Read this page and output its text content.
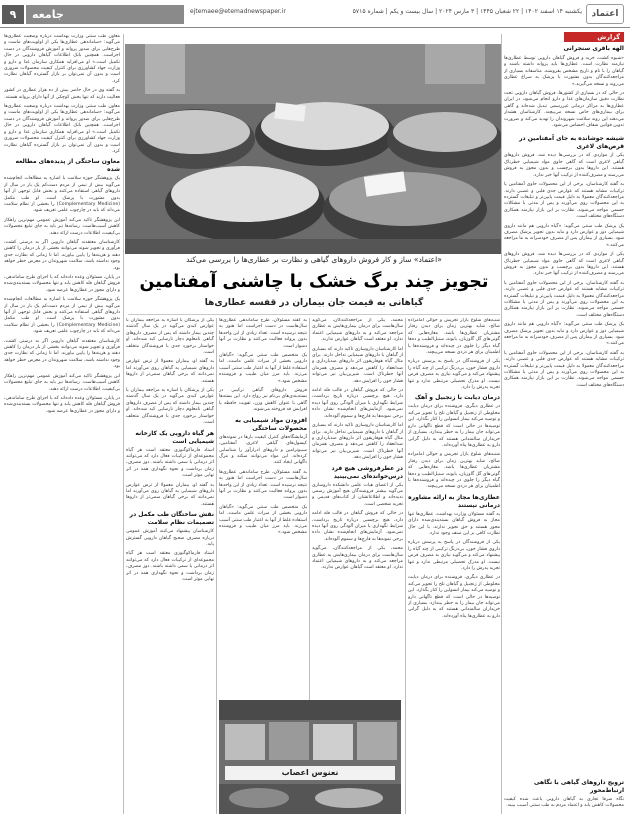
۹	جامعه	ejtemaee@etemadnewspaper.ir	یکشنبه ۱۴ اسفند ۱۴۰۲ | ۲۲ شعبان ۱۴۴۵ | ۳ مارس ۲۰۲۴ | سال بیست و یکم | شماره ۵۷۱۵	اعتماد
گزارش
الهه باقری سنجرانی

«شیوه کشت، خرید و فروش گیاهان دارویی توسط عطاری‌ها نیازمند نظارت است. عطاری‌ها باید پروانه داشته باشند و گیاهان را با نام و تاریخ مشخص بفروشند. متاسفانه بسیاری از مراجعه‌کنندگان بدون مشورت با پزشک به سراغ عطاری می‌روند و نسخه می‌گیرند.»

در حالی که در بسیاری از کشورها، فروش گیاهان دارویی تحت نظارت دقیق سازمان‌های غذا و دارو انجام می‌شود، در ایران عطاری‌ها به مراکز درمانی غیررسمی تبدیل شده‌اند و گاهی برای بیماری‌های خاص نسخه می‌پیچند. کارشناسان هشدار می‌دهند این روند سلامت شهروندان را تهدید می‌کند و ضرورت تدوین قوانین شفاف احساس می‌شود.

شیشه جوشانده به جای آمفتامین در قرص‌های لاغری

یکی از مواردی که در بررسی‌ها دیده شد، فروش داروهای گیاهی لاغری است که گاهی حاوی مواد شیمیایی خطرناک هستند. این داروها بدون برچسب و بدون مجوز به فروش می‌رسند و مصرف‌کننده از ترکیب آنها خبر ندارد.

به گفته کارشناسان، برخی از این محصولات حاوی آمفتامین یا ترکیبات مشابه هستند که عوارض جدی قلبی و عصبی دارند. مراجعه‌کنندگان معمولا به دلیل قیمت پایین‌تر و تبلیغات گسترده به این محصولات روی می‌آورند و پس از مدتی با مشکلات جسمی مواجه می‌شوند. نظارت بر این بازار نیازمند همکاری دستگاه‌های مختلف است.

یک پزشک طب سنتی می‌گوید: «گیاه دارویی هم مانند داروی شیمیایی دوز و عوارض دارد و نباید بدون تجویز پزشک مصرف شود. بسیاری از بیماران پس از مصرف خودسرانه به ما مراجعه می‌کنند.»

یکی از مواردی که در بررسی‌ها دیده شد، فروش داروهای گیاهی لاغری است که گاهی حاوی مواد شیمیایی خطرناک هستند. این داروها بدون برچسب و بدون مجوز به فروش می‌رسند و مصرف‌کننده از ترکیب آنها خبر ندارد.

به گفته کارشناسان، برخی از این محصولات حاوی آمفتامین یا ترکیبات مشابه هستند که عوارض جدی قلبی و عصبی دارند. مراجعه‌کنندگان معمولا به دلیل قیمت پایین‌تر و تبلیغات گسترده به این محصولات روی می‌آورند و پس از مدتی با مشکلات جسمی مواجه می‌شوند. نظارت بر این بازار نیازمند همکاری دستگاه‌های مختلف است.

یک پزشک طب سنتی می‌گوید: «گیاه دارویی هم مانند داروی شیمیایی دوز و عوارض دارد و نباید بدون تجویز پزشک مصرف شود. بسیاری از بیماران پس از مصرف خودسرانه به ما مراجعه می‌کنند.»

به گفته کارشناسان، برخی از این محصولات حاوی آمفتامین یا ترکیبات مشابه هستند که عوارض جدی قلبی و عصبی دارند. مراجعه‌کنندگان معمولا به دلیل قیمت پایین‌تر و تبلیغات گسترده به این محصولات روی می‌آورند و پس از مدتی با مشکلات جسمی مواجه می‌شوند. نظارت بر این بازار نیازمند همکاری دستگاه‌های مختلف است.

ترویج داروهای گیاهی با نگاهی ارتباط‌محور

نگاه صرفا تجاری به گیاهان دارویی باعث شده کیفیت محصولات کاهش یابد و اعتماد مردم به طب سنتی آسیب ببیند.

«اعتماد» ساز و کار فروش داروهای گیاهی و نظارت بر عطاری‌ها را بررسی می‌کند
تجویز چند برگ خشک با چاشنی آمفتامین
گیاهانی به قیمت جان بیماران در قفسه عطاری‌ها

شنبه‌های شلوغ بازار تجریش و حوالی امامزاده صالح، شاید بهترین زمان برای دیدن رفتار مشتریان عطاری‌ها باشد. مغازه‌هایی که گونی‌های گل گاوزبان، بابونه، سنبل‌الطیب و ده‌ها گیاه دیگر را جلوی در چیده‌اند و فروشنده‌ها با اطمینان برای هر دردی نسخه می‌پیچند.

یکی از فروشندگان در پاسخ به پرسش درباره داروی فشار خون، بی‌درنگ ترکیبی از چند گیاه را پیشنهاد می‌کند و می‌گوید نیازی به مصرف قرص نیست. او مدرک تحصیلی مرتبطی ندارد و تنها تجربه پدرش را دارد.

درمان دیابت با زنجبیل و آهک

در عطاری دیگری، فروشنده برای درمان دیابت مخلوطی از زنجبیل و گیاهان تلخ را تجویز می‌کند و توصیه می‌کند بیمار انسولین را کنار بگذارد. این توصیه‌ها در حالی است که قطع ناگهانی دارو می‌تواند جان بیمار را به خطر بیندازد. بسیاری از خریداران سالمندانی هستند که به دلیل گرانی دارو به عطاری‌ها پناه آورده‌اند.

شنبه‌های شلوغ بازار تجریش و حوالی امامزاده صالح، شاید بهترین زمان برای دیدن رفتار مشتریان عطاری‌ها باشد. مغازه‌هایی که گونی‌های گل گاوزبان، بابونه، سنبل‌الطیب و ده‌ها گیاه دیگر را جلوی در چیده‌اند و فروشنده‌ها با اطمینان برای هر دردی نسخه می‌پیچند.

عطاری‌ها مجاز به ارائه مشاوره درمانی نیستند

به گفته مسئولان وزارت بهداشت، عطاری‌ها تنها مجاز به فروش گیاهان بسته‌بندی‌شده دارای مجوز هستند و حق تجویز ندارند. با این حال نظارت کافی بر این صنف وجود ندارد.

یکی از فروشندگان در پاسخ به پرسش درباره داروی فشار خون، بی‌درنگ ترکیبی از چند گیاه را پیشنهاد می‌کند و می‌گوید نیازی به مصرف قرص نیست. او مدرک تحصیلی مرتبطی ندارد و تنها تجربه پدرش را دارد.

در عطاری دیگری، فروشنده برای درمان دیابت مخلوطی از زنجبیل و گیاهان تلخ را تجویز می‌کند و توصیه می‌کند بیمار انسولین را کنار بگذارد. این توصیه‌ها در حالی است که قطع ناگهانی دارو می‌تواند جان بیمار را به خطر بیندازد. بسیاری از خریداران سالمندانی هستند که به دلیل گرانی دارو به عطاری‌ها پناه آورده‌اند.

محمد، یکی از مراجعه‌کنندگان، می‌گوید سال‌هاست برای درمان بیماری‌هایش به عطاری مراجعه می‌کند و به داروهای شیمیایی اعتماد ندارد. او معتقد است گیاهان عوارض ندارند.

اما کارشناسان داروسازی تاکید دارند که بسیاری از گیاهان با داروهای شیمیایی تداخل دارند. برای مثال گیاه هوفاریقون اثر داروهای ضدبارداری و ضدانعقاد را کاهش می‌دهد و مصرف همزمان آنها خطرناک است. شیرین‌بیان نیز می‌تواند فشار خون را افزایش دهد.

در حالی که فروش گیاهان در قالب فله ادامه دارد، هیچ برچسبی درباره تاریخ برداشت، شرایط نگهداری یا میزان آلودگی روی آنها دیده نمی‌شود. آزمایش‌های انجام‌شده نشان داده برخی نمونه‌ها به قارچ‌ها و سموم آلوده‌اند.

اما کارشناسان داروسازی تاکید دارند که بسیاری از گیاهان با داروهای شیمیایی تداخل دارند. برای مثال گیاه هوفاریقون اثر داروهای ضدبارداری و ضدانعقاد را کاهش می‌دهد و مصرف همزمان آنها خطرناک است. شیرین‌بیان نیز می‌تواند فشار خون را افزایش دهد.

در عطرفروشی هیچ فرد درس‌خوانده‌ای نمی‌بینید

یکی از اعضای هیات علمی دانشکده داروسازی می‌گوید بیشتر فروشندگان هیچ آموزش رسمی ندیده‌اند و اطلاعاتشان از کتاب‌های قدیمی و تجربه شخصی است.

در حالی که فروش گیاهان در قالب فله ادامه دارد، هیچ برچسبی درباره تاریخ برداشت، شرایط نگهداری یا میزان آلودگی روی آنها دیده نمی‌شود. آزمایش‌های انجام‌شده نشان داده برخی نمونه‌ها به قارچ‌ها و سموم آلوده‌اند.

محمد، یکی از مراجعه‌کنندگان، می‌گوید سال‌هاست برای درمان بیماری‌هایش به عطاری مراجعه می‌کند و به داروهای شیمیایی اعتماد ندارد. او معتقد است گیاهان عوارض ندارند.

به گفته مسئولان، طرح ساماندهی عطاری‌ها سال‌هاست در دست اجراست اما هنوز به نتیجه نرسیده است. تعداد زیادی از این واحدها بدون پروانه فعالیت می‌کنند و نظارت بر آنها دشوار است.

یک متخصص طب سنتی می‌گوید: «گیاهان دارویی بخشی از میراث علمی ماست، اما استفاده غلط از آنها به اعتبار طب سنتی آسیب می‌زند. باید مرز میان طبیب و فروشنده مشخص شود.»

فروش داروهای گیاهی ترکیبی در بسته‌بندی‌های بی‌نام نیز رواج دارد. این بسته‌ها گاهی با عنوان کاهش وزن، تقویت حافظه یا افزایش قد فروخته می‌شوند.

افزودن مواد شیمیایی به محصولات ساختگی

آزمایشگاه‌های کنترل کیفیت بارها در نمونه‌های کپسول‌های گیاهی لاغری، آمفتامین، سیبوترامین و داروهای ادرارآور را شناسایی کرده‌اند. این مواد می‌توانند سکته و مرگ ناگهانی ایجاد کنند.

به گفته مسئولان، طرح ساماندهی عطاری‌ها سال‌هاست در دست اجراست اما هنوز به نتیجه نرسیده است. تعداد زیادی از این واحدها بدون پروانه فعالیت می‌کنند و نظارت بر آنها دشوار است.

یک متخصص طب سنتی می‌گوید: «گیاهان دارویی بخشی از میراث علمی ماست، اما استفاده غلط از آنها به اعتبار طب سنتی آسیب می‌زند. باید مرز میان طبیب و فروشنده مشخص شود.»

یکی از پزشکان با اشاره به مراجعه بیماران با عوارض کبدی می‌گوید در یک سال گذشته چندین بیمار داشته که پس از مصرف داروهای گیاهی نامعلوم دچار نارسایی کبد شده‌اند. او خواستار برخورد جدی با فروشندگان متخلف است.

به گفته او، بیماران معمولا از ترس عوارض داروهای شیمیایی به گیاهان روی می‌آورند اما نمی‌دانند که برخی گیاهان سمی‌تر از داروها هستند.

یکی از پزشکان با اشاره به مراجعه بیماران با عوارض کبدی می‌گوید در یک سال گذشته چندین بیمار داشته که پس از مصرف داروهای گیاهی نامعلوم دچار نارسایی کبد شده‌اند. او خواستار برخورد جدی با فروشندگان متخلف است.

هر گیاه دارویی یک کارخانه شیمیایی است

استاد فارماکوگنوزی معتقد است هر گیاه مجموعه‌ای از ترکیبات فعال دارد که می‌توانند اثر درمانی یا سمی داشته باشند. دوز مصرف، زمان برداشت و نحوه نگهداری همه در اثر نهایی موثر است.

به گفته او، بیماران معمولا از ترس عوارض داروهای شیمیایی به گیاهان روی می‌آورند اما نمی‌دانند که برخی گیاهان سمی‌تر از داروها هستند.

نقش ساختگان طب مکمل در تصمیمات نظام سلامت

کارشناسان پیشنهاد می‌کنند آموزش عمومی درباره مصرف صحیح گیاهان دارویی گسترش یابد.

استاد فارماکوگنوزی معتقد است هر گیاه مجموعه‌ای از ترکیبات فعال دارد که می‌توانند اثر درمانی یا سمی داشته باشند. دوز مصرف، زمان برداشت و نحوه نگهداری همه در اثر نهایی موثر است.

نعنوس اعصاب

معاون طب سنتی وزارت بهداشت درباره وضعیت عطاری‌ها می‌گوید: «ساماندهی عطاری‌ها یکی از اولویت‌های ماست و طرح‌هایی برای صدور پروانه و آموزش فروشندگان در دست اجراست. همچنین بانک اطلاعات گیاهان دارویی در حال تکمیل است.» او می‌افزاید همکاری سازمان غذا و دارو و وزارت جهاد کشاورزی برای کنترل کیفیت محصولات ضروری است و بدون آن نمی‌توان بر بازار گسترده گیاهان نظارت کرد.

به گفته وی در حال حاضر بیش از ده هزار عطاری در کشور فعالیت دارند که تنها بخش کوچکی از آنها دارای پروانه هستند.

معاون طب سنتی وزارت بهداشت درباره وضعیت عطاری‌ها می‌گوید: «ساماندهی عطاری‌ها یکی از اولویت‌های ماست و طرح‌هایی برای صدور پروانه و آموزش فروشندگان در دست اجراست. همچنین بانک اطلاعات گیاهان دارویی در حال تکمیل است.» او می‌افزاید همکاری سازمان غذا و دارو و وزارت جهاد کشاورزی برای کنترل کیفیت محصولات ضروری است و بدون آن نمی‌توان بر بازار گسترده گیاهان نظارت کرد.

معاون ساختگی از پدیده‌های مطالعه شده

یک پژوهشگر حوزه سلامت با اشاره به مطالعات انجام‌شده می‌گوید بیش از نیمی از مردم دست‌کم یک بار در سال از داروهای گیاهی استفاده می‌کنند و بخش قابل توجهی از آنها بدون مشورت با پزشک است. او طب مکمل (Complementary Medicine) را بخشی از نظام سلامت می‌داند که باید در چارچوب علمی تعریف شود.

این پژوهشگر تاکید می‌کند آموزش عمومی مهم‌ترین راهکار کاهش آسیب‌هاست. رسانه‌ها نیز باید به جای تبلیغ محصولات بی‌کیفیت، اطلاعات درست ارائه دهند.

کارشناسان معتقدند گیاهان دارویی اگر به درستی کشت، فرآوری و تجویز شوند می‌توانند بخشی از بار درمان را کاهش دهند و هزینه‌ها را پایین بیاورند. اما تا زمانی که نظارت جدی وجود نداشته باشد، سلامت شهروندان در معرض خطر خواهد بود.

در پایان، مسئولان وعده داده‌اند که با اجرای طرح ساماندهی، فروش گیاهان فله کاهش یابد و تنها محصولات بسته‌بندی‌شده و دارای مجوز در عطاری‌ها عرضه شود.

یک پژوهشگر حوزه سلامت با اشاره به مطالعات انجام‌شده می‌گوید بیش از نیمی از مردم دست‌کم یک بار در سال از داروهای گیاهی استفاده می‌کنند و بخش قابل توجهی از آنها بدون مشورت با پزشک است. او طب مکمل (Complementary Medicine) را بخشی از نظام سلامت می‌داند که باید در چارچوب علمی تعریف شود.

کارشناسان معتقدند گیاهان دارویی اگر به درستی کشت، فرآوری و تجویز شوند می‌توانند بخشی از بار درمان را کاهش دهند و هزینه‌ها را پایین بیاورند. اما تا زمانی که نظارت جدی وجود نداشته باشد، سلامت شهروندان در معرض خطر خواهد بود.

این پژوهشگر تاکید می‌کند آموزش عمومی مهم‌ترین راهکار کاهش آسیب‌هاست. رسانه‌ها نیز باید به جای تبلیغ محصولات بی‌کیفیت، اطلاعات درست ارائه دهند.

در پایان، مسئولان وعده داده‌اند که با اجرای طرح ساماندهی، فروش گیاهان فله کاهش یابد و تنها محصولات بسته‌بندی‌شده و دارای مجوز در عطاری‌ها عرضه شود.
